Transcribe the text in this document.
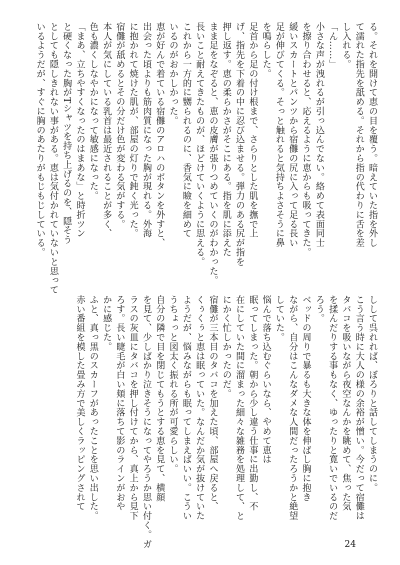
る。それを開けて恵の目を覆う。暗えていた指を外し
て濡れた指先を舐める。それから指の代わりに舌を差
し入れる。
「ん……」
小さな声が洩れるが引っ込んでない。絡めて表面同士
を擦り合わせると、応えるように恵からも吸ってきた。
緩いスカートとパンツから宿儺の尻に入って足る長い
足が伸びてくる。そっと触れると気持ちよさそうに鼻
を鳴らした。
足首から足の付け根まで、さらりとした肌を撫で上
げ、指先を下着の中に忍び込ませる。弾力のある尻が指を
押し返す。恵の柔らかさがそこにある。指を肌に添えた
まま足をなぞると、恵の皮膚が張りつめていくのがわかった。
長いこと耐えてきたものが、ほどけていくように思える。
これから一方的に嬲られるのに、香気に瞼を細めて
いるのがおかしかった。
恵が好んで着ている宿儺のアロハのボタンを外すと、
出会った頃よりも筋肉質になった胸が現れる。外海
に抱かれて焼けた肌が、部屋の灯りで鈍く光った。
宿儺が舐めるとその分だけ色が変わる気がする。
本人が気にしている乳首は最近されることが多く、
色も濃くしなやかになって敏感になった。
「まあ、立ちやすくなったのはまあな」と時折ツン
と硬くなった胸がTシャツを持ち上げるのを、隠そう
としても隠しきれない事がある。恵は気付かれていないと思って
いるようだが、すぐに胸のあたりがもじもじしている。
しして呉れれば、ぼろりと話してしまうのに。
こう言う時に大人の様の余裕が憎い。今だって宿儺は
タバコを吸いながら夜空なんかを眺めて、焦った気
を揉んだりする事もなく、ゆったりと寛いでいるのだ
ろう。
ベッドの周りで暴るも大きな体を伸ばし胸に抱き
ながら、自分はこんなダメな人間だったろうかと絶望
していた。
悩んで落ち込むぐらいなら、やめて恵は
眠ってしまった。朝から少し違う仕事に出勤し、不
在にしていた間に溜まった細々な雑務を処理して、と
にかく忙しかったのだ。
宿儺が三本目のタバコを加えた頃、部屋へ戻ると、
くぅくぅと恵は眠っていた。なんだか気が抜けていた
ようだが、悩みながらも眠ってしまえばいい。こうい
うちょっと図太く振れる所が可愛らしい。
自分の隣で目を閉じてもうとする恵を見て、横顔
を見て、少しばかり泣きそうになってやろうか思い付く。ガ
ラスの灰皿にタバコを押し付けてから、真上から見下
ろす。長い睫毛が白い頬に落ちて影のラインがおや
かに感じた。
ふと、真っ黒のスカーフがあったことを思い出した。
赤い番組を模した畳み方で美しくラッピングされて
24
